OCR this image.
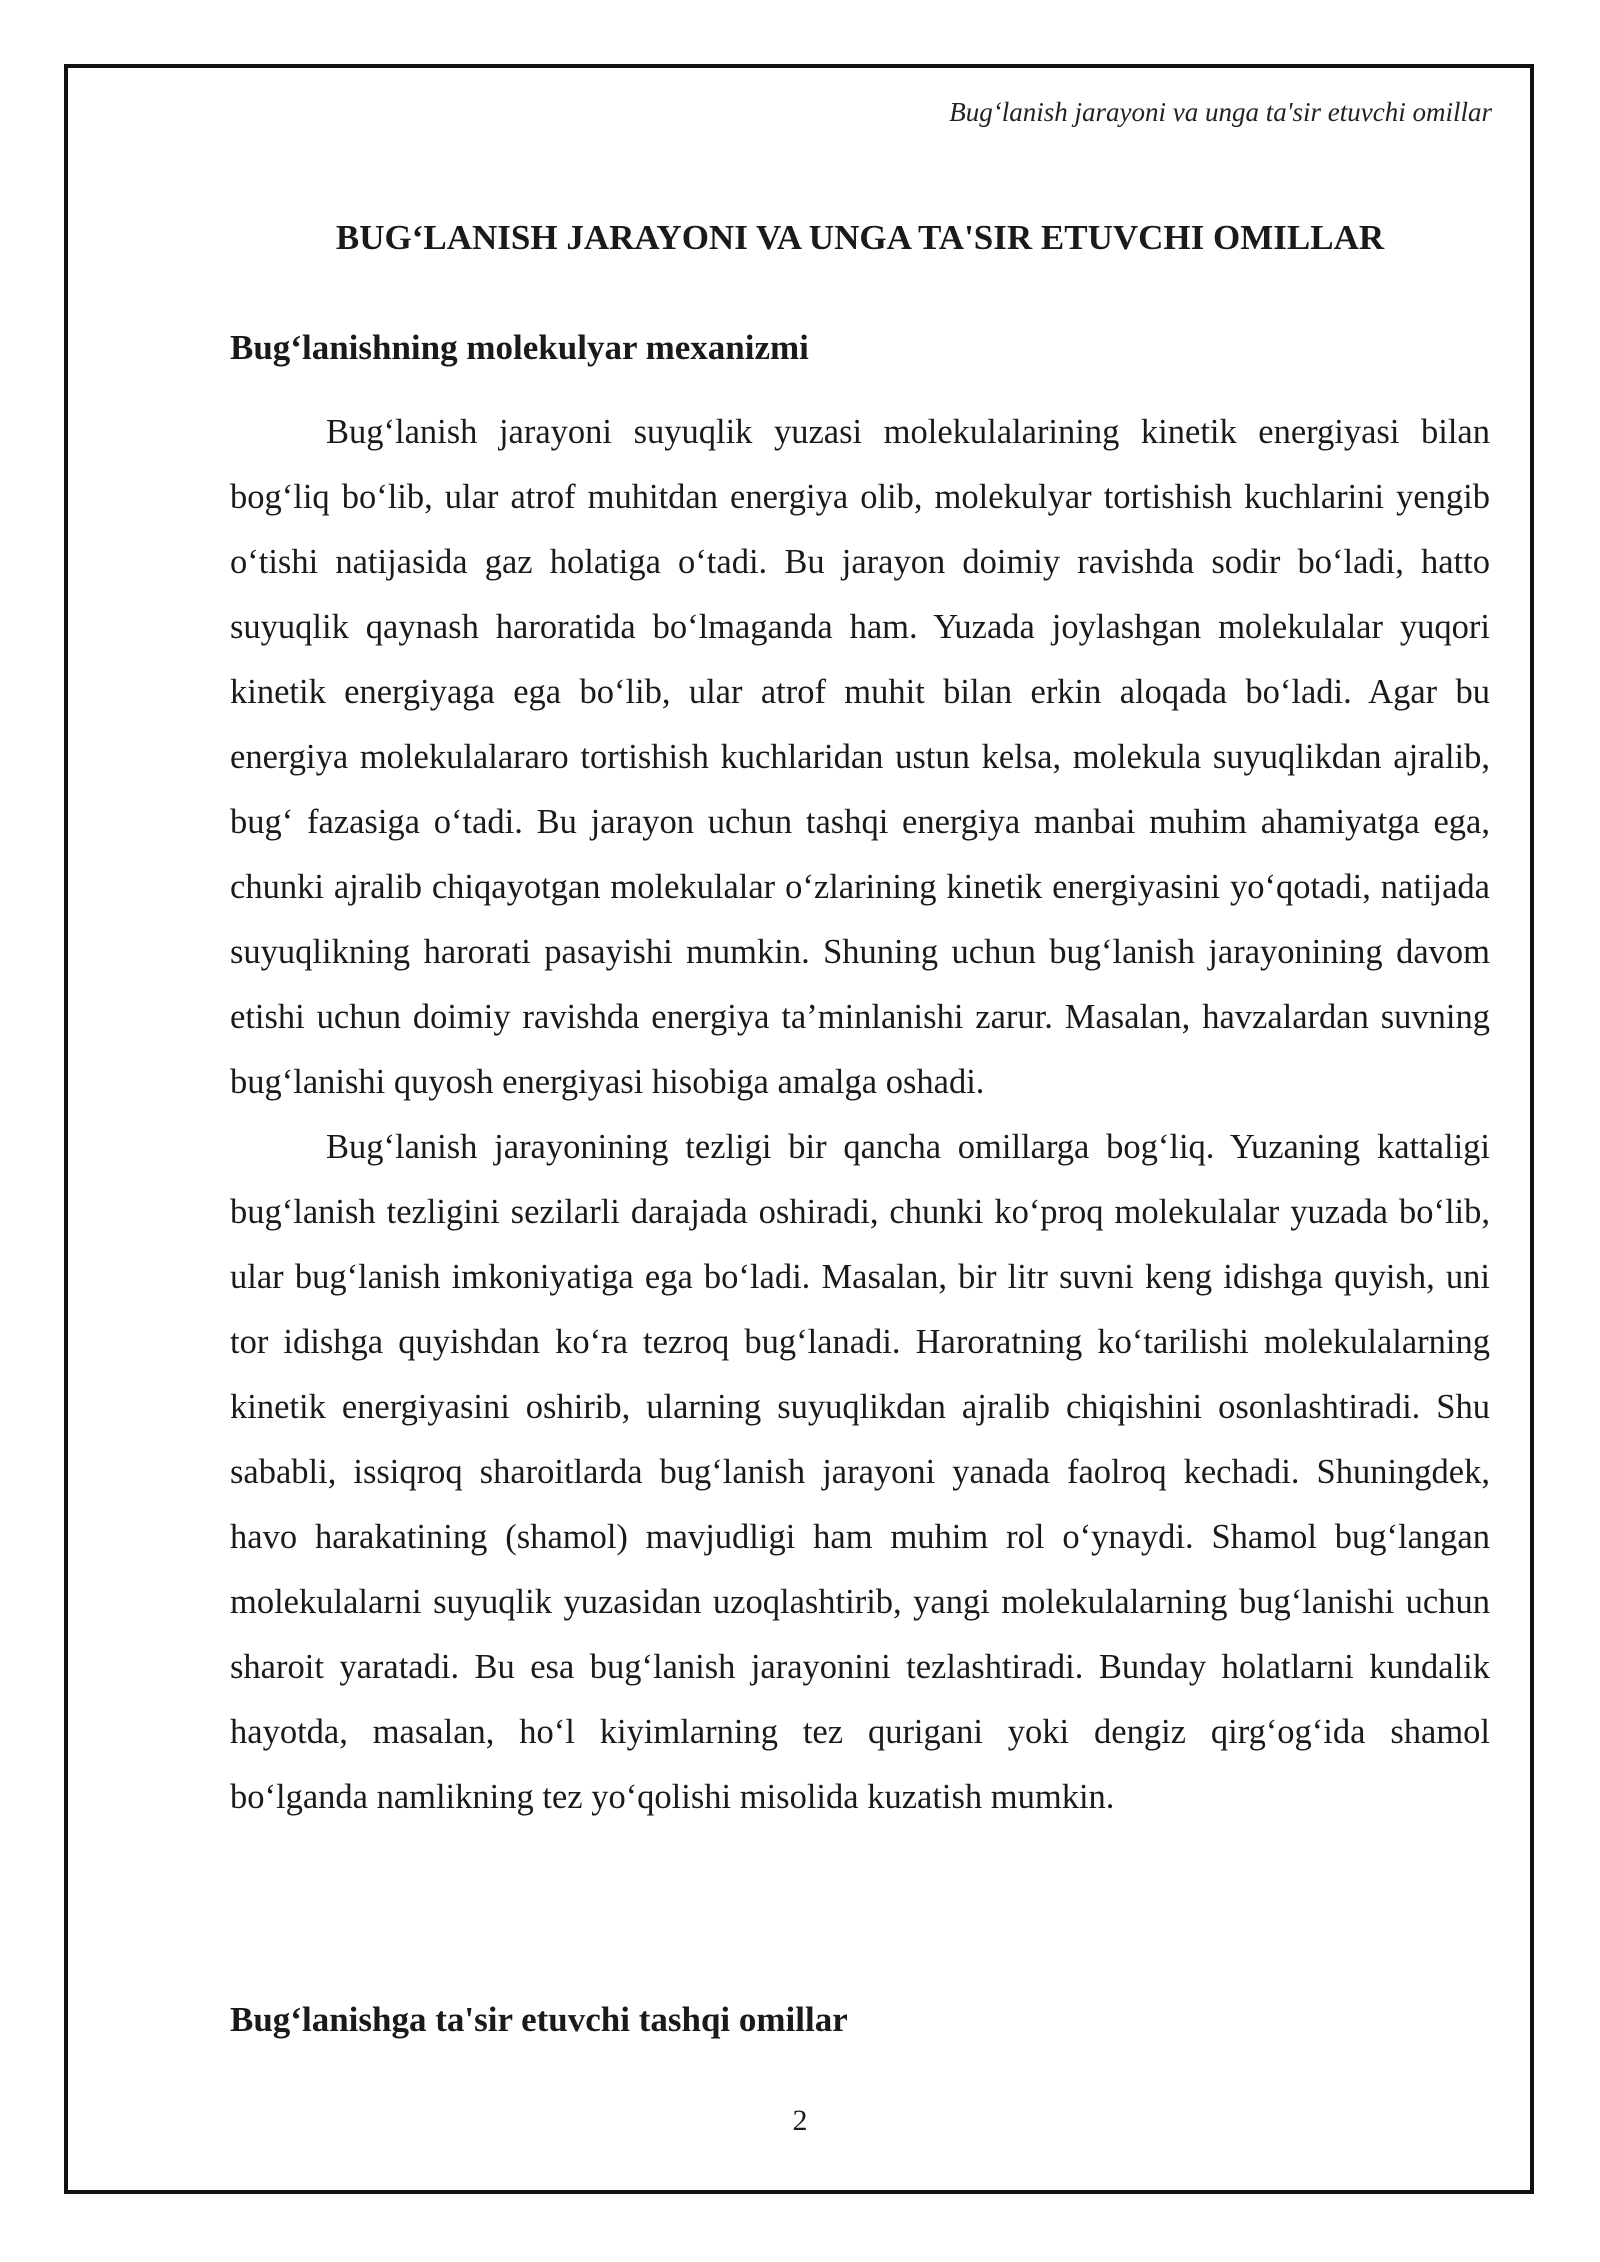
Bug‘lanish jarayoni va unga ta'sir etuvchi omillar
BUG‘LANISH JARAYONI VA UNGA TA'SIR ETUVCHI OMILLAR
Bug‘lanishning molekulyar mexanizmi

Bug‘lanish jarayoni suyuqlik yuzasi molekulalarining kinetik energiyasi bilan bog‘liq bo‘lib, ular atrof muhitdan energiya olib, molekulyar tortishish kuchlarini yengib o‘tishi natijasida gaz holatiga o‘tadi. Bu jarayon doimiy ravishda sodir bo‘ladi, hatto suyuqlik qaynash haroratida bo‘lmaganda ham. Yuzada joylashgan molekulalar yuqori kinetik energiyaga ega bo‘lib, ular atrof muhit bilan erkin aloqada bo‘ladi. Agar bu energiya molekulalararo tortishish kuchlaridan ustun kelsa, molekula suyuqlikdan ajralib, bug‘ fazasiga o‘tadi. Bu jarayon uchun tashqi energiya manbai muhim ahamiyatga ega, chunki ajralib chiqayotgan molekulalar o‘zlarining kinetik energiyasini yo‘qotadi, natijada suyuqlikning harorati pasayishi mumkin. Shuning uchun bug‘lanish jarayonining davom etishi uchun doimiy ravishda energiya ta’minlanishi zarur. Masalan, havzalardan suvning bug‘lanishi quyosh energiyasi hisobiga amalga oshadi.

Bug‘lanish jarayonining tezligi bir qancha omillarga bog‘liq. Yuzaning kattaligi bug‘lanish tezligini sezilarli darajada oshiradi, chunki ko‘proq molekulalar yuzada bo‘lib, ular bug‘lanish imkoniyatiga ega bo‘ladi. Masalan, bir litr suvni keng idishga quyish, uni tor idishga quyishdan ko‘ra tezroq bug‘lanadi. Haroratning ko‘tarilishi molekulalarning kinetik energiyasini oshirib, ularning suyuqlikdan ajralib chiqishini osonlashtiradi. Shu sababli, issiqroq sharoitlarda bug‘lanish jarayoni yanada faolroq kechadi. Shuningdek, havo harakatining (shamol) mavjudligi ham muhim rol o‘ynaydi. Shamol bug‘langan molekulalarni suyuqlik yuzasidan uzoqlashtirib, yangi molekulalarning bug‘lanishi uchun sharoit yaratadi. Bu esa bug‘lanish jarayonini tezlashtiradi. Bunday holatlarni kundalik hayotda, masalan, ho‘l kiyimlarning tez qurigani yoki dengiz qirg‘og‘ida shamol bo‘lganda namlikning tez yo‘qolishi misolida kuzatish mumkin.

Bug‘lanishga ta'sir etuvchi tashqi omillar
2
